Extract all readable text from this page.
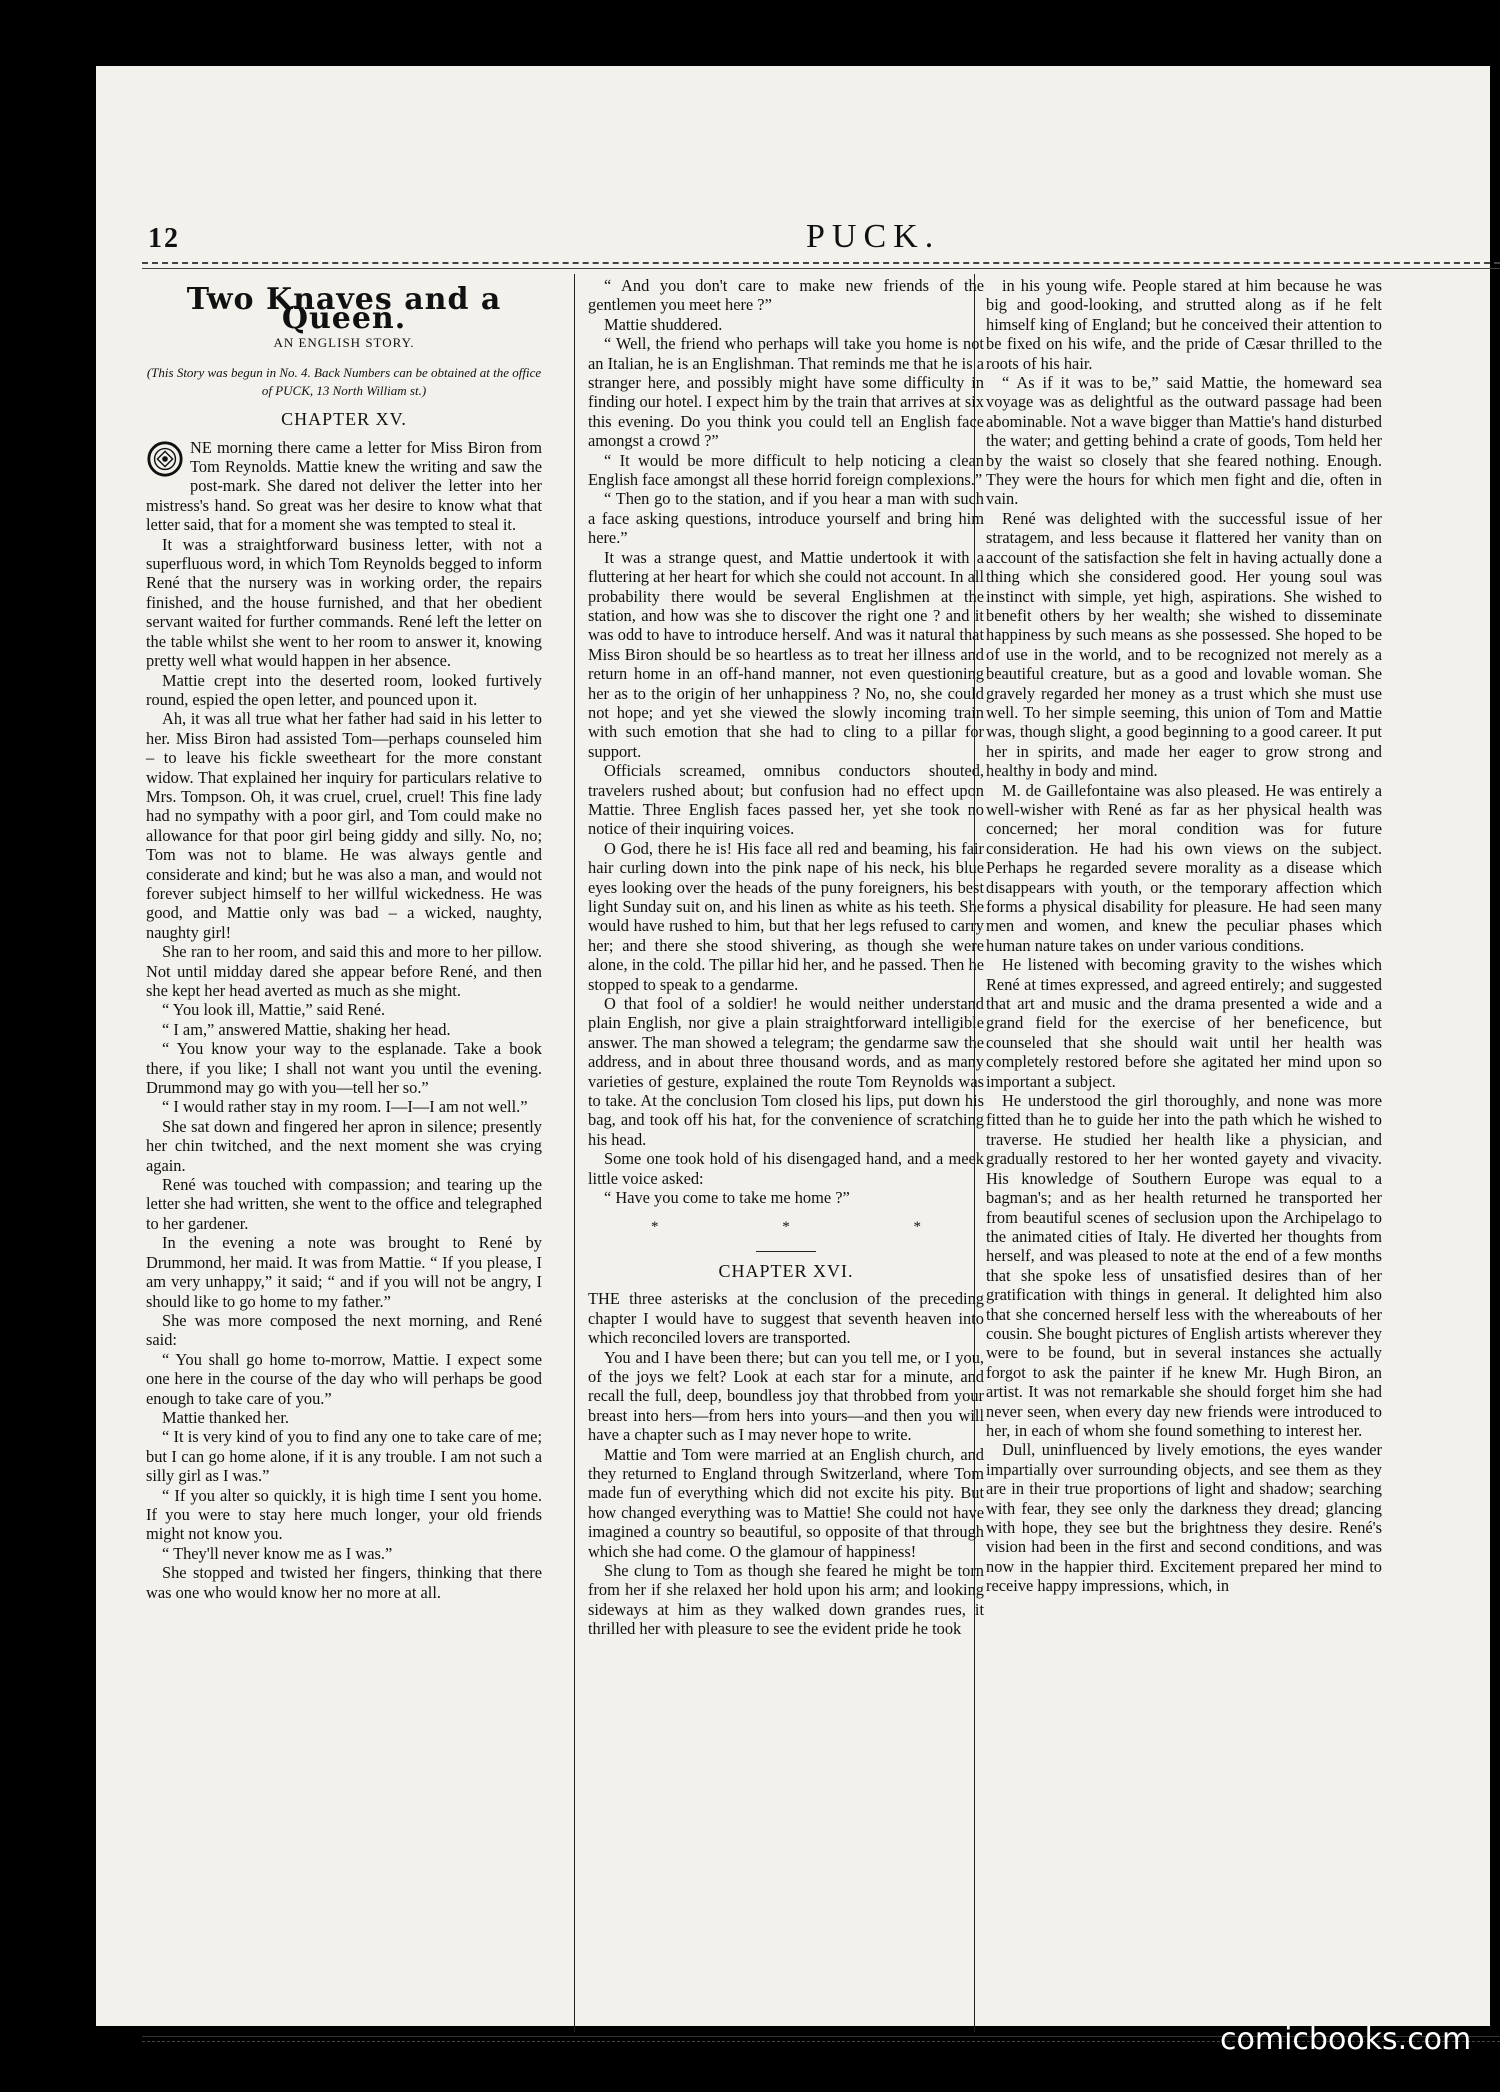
12	PUCK.
Two Knaves and a Queen.
AN ENGLISH STORY.
(This Story was begun in No. 4. Back Numbers can be obtained at the office of PUCK, 13 North William st.)
CHAPTER XV.

NE morning there came a letter for Miss Biron from Tom Reynolds. Mattie knew the writing and saw the post-mark. She dared not deliver the letter into her mistress's hand. So great was her desire to know what that letter said, that for a moment she was tempted to steal it.

It was a straightforward business letter, with not a superfluous word, in which Tom Reynolds begged to inform René that the nursery was in working order, the repairs finished, and the house furnished, and that her obedient servant waited for further commands. René left the letter on the table whilst she went to her room to answer it, knowing pretty well what would happen in her absence.

Mattie crept into the deserted room, looked furtively round, espied the open letter, and pounced upon it.

Ah, it was all true what her father had said in his letter to her. Miss Biron had assisted Tom—perhaps counseled him – to leave his fickle sweetheart for the more constant widow. That explained her inquiry for particulars relative to Mrs. Tompson. Oh, it was cruel, cruel, cruel! This fine lady had no sympathy with a poor girl, and Tom could make no allowance for that poor girl being giddy and silly. No, no; Tom was not to blame. He was always gentle and considerate and kind; but he was also a man, and would not forever subject himself to her willful wickedness. He was good, and Mattie only was bad – a wicked, naughty, naughty girl!

She ran to her room, and said this and more to her pillow. Not until midday dared she appear before René, and then she kept her head averted as much as she might.

“ You look ill, Mattie,” said René.

“ I am,” answered Mattie, shaking her head.

“ You know your way to the esplanade. Take a book there, if you like; I shall not want you until the evening. Drummond may go with you—tell her so.”

“ I would rather stay in my room. I—I—I am not well.”

She sat down and fingered her apron in silence; presently her chin twitched, and the next moment she was crying again.

René was touched with compassion; and tearing up the letter she had written, she went to the office and telegraphed to her gardener.

In the evening a note was brought to René by Drummond, her maid. It was from Mattie. “ If you please, I am very unhappy,” it said; “ and if you will not be angry, I should like to go home to my father.”

She was more composed the next morning, and René said:

“ You shall go home to-morrow, Mattie. I expect some one here in the course of the day who will perhaps be good enough to take care of you.”

Mattie thanked her.

“ It is very kind of you to find any one to take care of me; but I can go home alone, if it is any trouble. I am not such a silly girl as I was.”

“ If you alter so quickly, it is high time I sent you home. If you were to stay here much longer, your old friends might not know you.

“ They'll never know me as I was.”

She stopped and twisted her fingers, thinking that there was one who would know her no more at all.

“ And you don't care to make new friends of the gentlemen you meet here ?”

Mattie shuddered.

“ Well, the friend who perhaps will take you home is not an Italian, he is an Englishman. That reminds me that he is a stranger here, and possibly might have some difficulty in finding our hotel. I expect him by the train that arrives at six this evening. Do you think you could tell an English face amongst a crowd ?”

“ It would be more difficult to help noticing a clean English face amongst all these horrid foreign complexions.”

“ Then go to the station, and if you hear a man with such a face asking questions, introduce yourself and bring him here.”

It was a strange quest, and Mattie undertook it with a fluttering at her heart for which she could not account. In all probability there would be several Englishmen at the station, and how was she to discover the right one ? and it was odd to have to introduce herself. And was it natural that Miss Biron should be so heartless as to treat her illness and return home in an off-hand manner, not even questioning her as to the origin of her unhappiness ? No, no, she could not hope; and yet she viewed the slowly incoming train with such emotion that she had to cling to a pillar for support.

Officials screamed, omnibus conductors shouted, travelers rushed about; but confusion had no effect upon Mattie. Three English faces passed her, yet she took no notice of their inquiring voices.

O God, there he is! His face all red and beaming, his fair hair curling down into the pink nape of his neck, his blue eyes looking over the heads of the puny foreigners, his best light Sunday suit on, and his linen as white as his teeth. She would have rushed to him, but that her legs refused to carry her; and there she stood shivering, as though she were alone, in the cold. The pillar hid her, and he passed. Then he stopped to speak to a gendarme.

O that fool of a soldier! he would neither understand plain English, nor give a plain straightforward intelligible answer. The man showed a telegram; the gendarme saw the address, and in about three thousand words, and as many varieties of gesture, explained the route Tom Reynolds was to take. At the conclusion Tom closed his lips, put down his bag, and took off his hat, for the convenience of scratching his head.

Some one took hold of his disengaged hand, and a meek little voice asked:

“ Have you come to take me home ?”

* * *
CHAPTER XVI.

THE three asterisks at the conclusion of the preceding chapter I would have to suggest that seventh heaven into which reconciled lovers are transported.

You and I have been there; but can you tell me, or I you, of the joys we felt? Look at each star for a minute, and recall the full, deep, boundless joy that throbbed from your breast into hers—from hers into yours—and then you will have a chapter such as I may never hope to write.

Mattie and Tom were married at an English church, and they returned to England through Switzerland, where Tom made fun of everything which did not excite his pity. But how changed everything was to Mattie! She could not have imagined a country so beautiful, so opposite of that through which she had come. O the glamour of happiness!

She clung to Tom as though she feared he might be torn from her if she relaxed her hold upon his arm; and looking sideways at him as they walked down grandes rues, it thrilled her with pleasure to see the evident pride he took

in his young wife. People stared at him because he was big and good-looking, and strutted along as if he felt himself king of England; but he conceived their attention to be fixed on his wife, and the pride of Cæsar thrilled to the roots of his hair.

“ As if it was to be,” said Mattie, the homeward sea voyage was as delightful as the outward passage had been abominable. Not a wave bigger than Mattie's hand disturbed the water; and getting behind a crate of goods, Tom held her by the waist so closely that she feared nothing. Enough. They were the hours for which men fight and die, often in vain.

René was delighted with the successful issue of her stratagem, and less because it flattered her vanity than on account of the satisfaction she felt in having actually done a thing which she considered good. Her young soul was instinct with simple, yet high, aspirations. She wished to benefit others by her wealth; she wished to disseminate happiness by such means as she possessed. She hoped to be of use in the world, and to be recognized not merely as a beautiful creature, but as a good and lovable woman. She gravely regarded her money as a trust which she must use well. To her simple seeming, this union of Tom and Mattie was, though slight, a good beginning to a good career. It put her in spirits, and made her eager to grow strong and healthy in body and mind.

M. de Gaillefontaine was also pleased. He was entirely a well-wisher with René as far as her physical health was concerned; her moral condition was for future consideration. He had his own views on the subject. Perhaps he regarded severe morality as a disease which disappears with youth, or the temporary affection which forms a physical disability for pleasure. He had seen many men and women, and knew the peculiar phases which human nature takes on under various conditions.

He listened with becoming gravity to the wishes which René at times expressed, and agreed entirely; and suggested that art and music and the drama presented a wide and a grand field for the exercise of her beneficence, but counseled that she should wait until her health was completely restored before she agitated her mind upon so important a subject.

He understood the girl thoroughly, and none was more fitted than he to guide her into the path which he wished to traverse. He studied her health like a physician, and gradually restored to her her wonted gayety and vivacity. His knowledge of Southern Europe was equal to a bagman's; and as her health returned he transported her from beautiful scenes of seclusion upon the Archipelago to the animated cities of Italy. He diverted her thoughts from herself, and was pleased to note at the end of a few months that she spoke less of unsatisfied desires than of her gratification with things in general. It delighted him also that she concerned herself less with the whereabouts of her cousin. She bought pictures of English artists wherever they were to be found, but in several instances she actually forgot to ask the painter if he knew Mr. Hugh Biron, an artist. It was not remarkable she should forget him she had never seen, when every day new friends were introduced to her, in each of whom she found something to interest her.

Dull, uninfluenced by lively emotions, the eyes wander impartially over surrounding objects, and see them as they are in their true proportions of light and shadow; searching with fear, they see only the darkness they dread; glancing with hope, they see but the brightness they desire. René's vision had been in the first and second conditions, and was now in the happier third. Excitement prepared her mind to receive happy impressions, which, in

comicbooks.com
